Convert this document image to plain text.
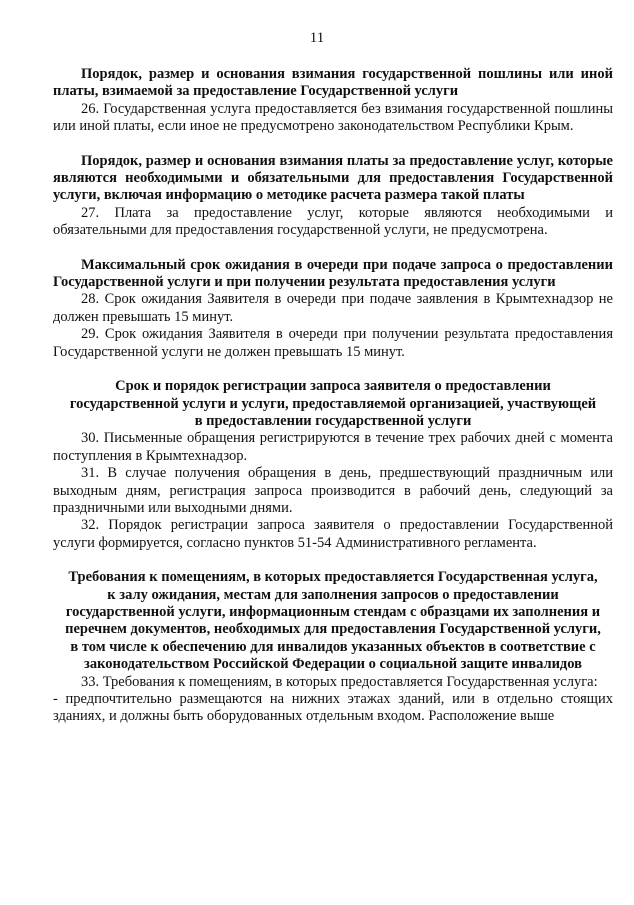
11
Порядок, размер и основания взимания государственной пошлины или иной платы, взимаемой за предоставление Государственной услуги

26. Государственная услуга предоставляется без взимания государственной пошлины или иной платы, если иное не предусмотрено законодательством Республики Крым.

Порядок, размер и основания взимания платы за предоставление услуг, которые являются необходимыми и обязательными для предоставления Государственной услуги, включая информацию о методике расчета размера такой платы

27. Плата за предоставление услуг, которые являются необходимыми и обязательными для предоставления государственной услуги, не предусмотрена.

Максимальный срок ожидания в очереди при подаче запроса о предоставлении Государственной услуги и при получении результата предоставления услуги

28. Срок ожидания Заявителя в очереди при подаче заявления в Крымтехнадзор не должен превышать 15 минут.

29. Срок ожидания Заявителя в очереди при получении результата предоставления Государственной услуги не должен превышать 15 минут.

Срок и порядок регистрации запроса заявителя о предоставлении государственной услуги и услуги, предоставляемой организацией, участвующей в предоставлении государственной услуги

30. Письменные обращения регистрируются в течение трех рабочих дней с момента поступления в Крымтехнадзор.

31. В случае получения обращения в день, предшествующий праздничным или выходным дням, регистрация запроса производится в рабочий день, следующий за праздничными или выходными днями.

32. Порядок регистрации запроса заявителя о предоставлении Государственной услуги формируется, согласно пунктов 51-54 Административного регламента.

Требования к помещениям, в которых предоставляется Государственная услуга, к залу ожидания, местам для заполнения запросов о предоставлении государственной услуги, информационным стендам с образцами их заполнения и перечнем документов, необходимых для предоставления Государственной услуги, в том числе к обеспечению для инвалидов указанных объектов в соответствие с законодательством Российской Федерации о социальной защите инвалидов

33. Требования к помещениям, в которых предоставляется Государственная услуга:

- предпочтительно размещаются на нижних этажах зданий, или в отдельно стоящих зданиях, и должны быть оборудованных отдельным входом. Расположение выше
